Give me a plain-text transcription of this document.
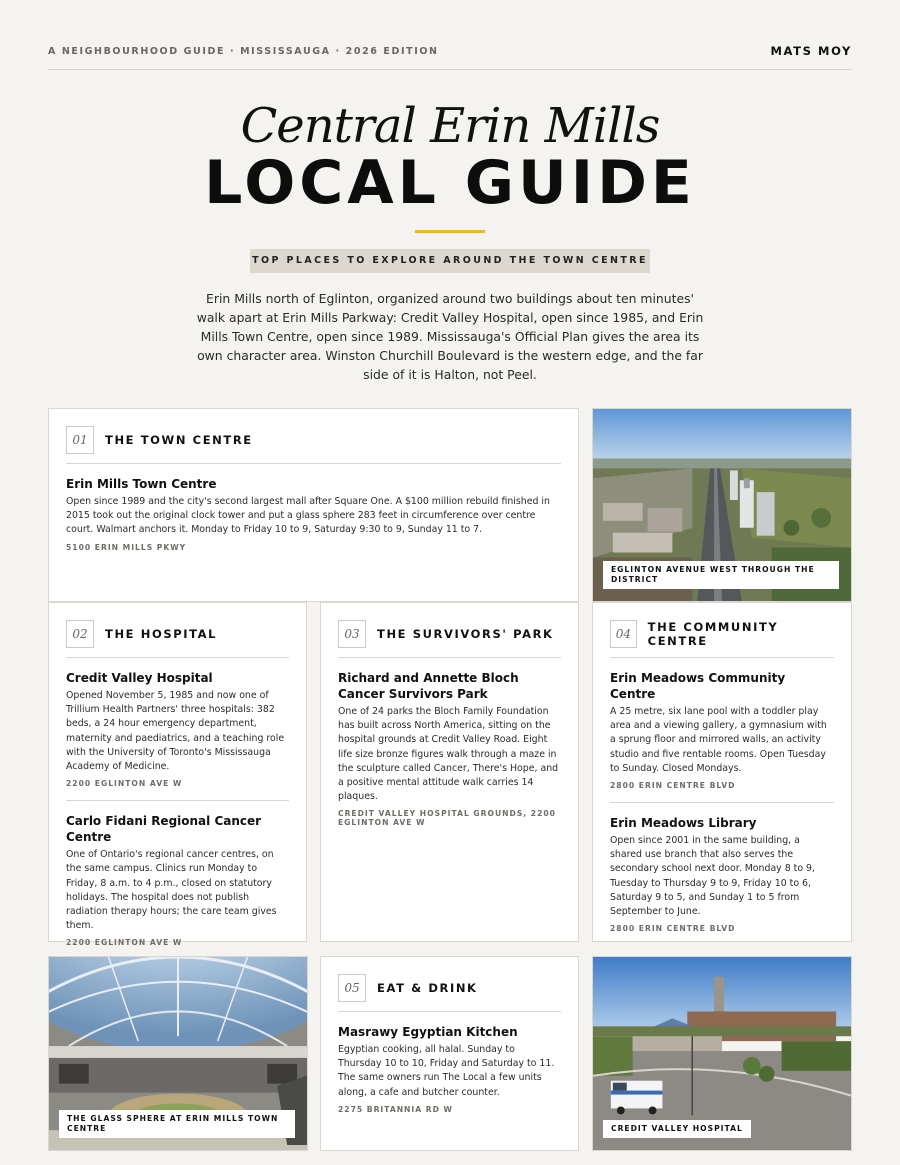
A NEIGHBOURHOOD GUIDE · MISSISSAUGA · 2026 EDITION	MATS MOY
Central Erin Mills
LOCAL GUIDE
TOP PLACES TO EXPLORE AROUND THE TOWN CENTRE

Erin Mills north of Eglinton, organized around two buildings about ten minutes' walk apart at Erin Mills Parkway: Credit Valley Hospital, open since 1985, and Erin Mills Town Centre, open since 1989. Mississauga's Official Plan gives the area its own character area. Winston Churchill Boulevard is the western edge, and the far side of it is Halton, not Peel.

01	THE TOWN CENTRE
Erin Mills Town Centre
Open since 1989 and the city's second largest mall after Square One. A $100 million rebuild finished in 2015 took out the original clock tower and put a glass sphere 283 feet in circumference over centre court. Walmart anchors it. Monday to Friday 10 to 9, Saturday 9:30 to 9, Sunday 11 to 7.
5100 ERIN MILLS PKWY
EGLINTON AVENUE WEST THROUGH THE DISTRICT
02	THE HOSPITAL
Credit Valley Hospital
Opened November 5, 1985 and now one of Trillium Health Partners' three hospitals: 382 beds, a 24 hour emergency department, maternity and paediatrics, and a teaching role with the University of Toronto's Mississauga Academy of Medicine.
2200 EGLINTON AVE W
Carlo Fidani Regional Cancer Centre
One of Ontario's regional cancer centres, on the same campus. Clinics run Monday to Friday, 8 a.m. to 4 p.m., closed on statutory holidays. The hospital does not publish radiation therapy hours; the care team gives them.
2200 EGLINTON AVE W
03	THE SURVIVORS' PARK
Richard and Annette Bloch Cancer Survivors Park
One of 24 parks the Bloch Family Foundation has built across North America, sitting on the hospital grounds at Credit Valley Road. Eight life size bronze figures walk through a maze in the sculpture called Cancer, There's Hope, and a positive mental attitude walk carries 14 plaques.
CREDIT VALLEY HOSPITAL GROUNDS, 2200 EGLINTON AVE W
04	THE COMMUNITY CENTRE
Erin Meadows Community Centre
A 25 metre, six lane pool with a toddler play area and a viewing gallery, a gymnasium with a sprung floor and mirrored walls, an activity studio and five rentable rooms. Open Tuesday to Sunday. Closed Mondays.
2800 ERIN CENTRE BLVD
Erin Meadows Library
Open since 2001 in the same building, a shared use branch that also serves the secondary school next door. Monday 8 to 9, Tuesday to Thursday 9 to 9, Friday 10 to 6, Saturday 9 to 5, and Sunday 1 to 5 from September to June.
2800 ERIN CENTRE BLVD
THE GLASS SPHERE AT ERIN MILLS TOWN CENTRE
05	EAT & DRINK
Masrawy Egyptian Kitchen
Egyptian cooking, all halal. Sunday to Thursday 10 to 10, Friday and Saturday to 11. The same owners run The Local a few units along, a cafe and butcher counter.
2275 BRITANNIA RD W
CREDIT VALLEY HOSPITAL
